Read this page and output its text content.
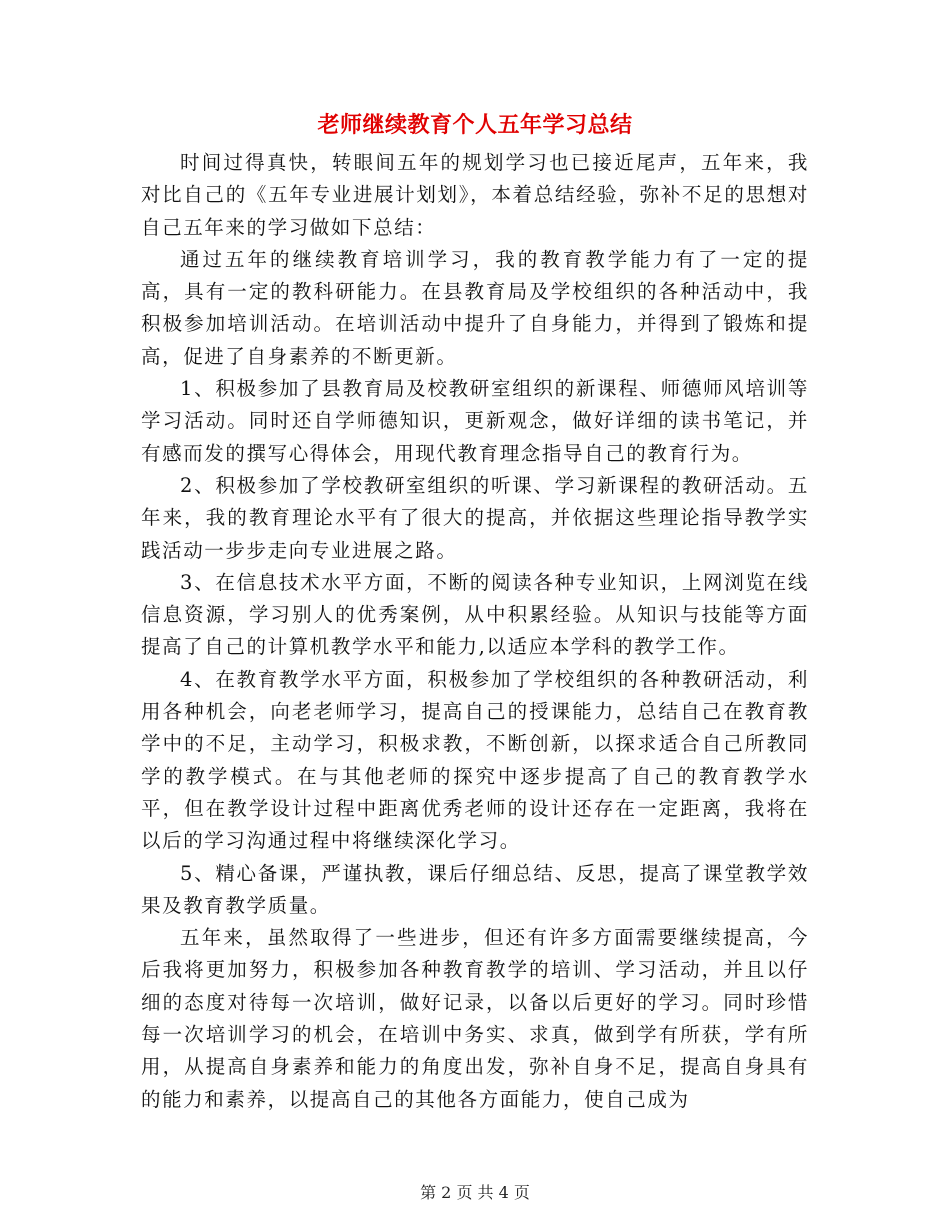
老师继续教育个人五年学习总结

时间过得真快，转眼间五年的规划学习也已接近尾声，五年来，我对比自己的《五年专业进展计划划》，本着总结经验，弥补不足的思想对自己五年来的学习做如下总结：

通过五年的继续教育培训学习，我的教育教学能力有了一定的提高，具有一定的教科研能力。在县教育局及学校组织的各种活动中，我积极参加培训活动。在培训活动中提升了自身能力，并得到了锻炼和提高，促进了自身素养的不断更新。

1、积极参加了县教育局及校教研室组织的新课程、师德师风培训等学习活动。同时还自学师德知识，更新观念，做好详细的读书笔记，并有感而发的撰写心得体会，用现代教育理念指导自己的教育行为。

2、积极参加了学校教研室组织的听课、学习新课程的教研活动。五年来，我的教育理论水平有了很大的提高，并依据这些理论指导教学实践活动一步步走向专业进展之路。

3、在信息技术水平方面，不断的阅读各种专业知识，上网浏览在线信息资源，学习别人的优秀案例，从中积累经验。从知识与技能等方面提高了自己的计算机教学水平和能力,以适应本学科的教学工作。

4、在教育教学水平方面，积极参加了学校组织的各种教研活动，利用各种机会，向老老师学习，提高自己的授课能力，总结自己在教育教学中的不足，主动学习，积极求教，不断创新，以探求适合自己所教同学的教学模式。在与其他老师的探究中逐步提高了自己的教育教学水平，但在教学设计过程中距离优秀老师的设计还存在一定距离，我将在以后的学习沟通过程中将继续深化学习。

5、精心备课，严谨执教，课后仔细总结、反思，提高了课堂教学效果及教育教学质量。

五年来，虽然取得了一些进步，但还有许多方面需要继续提高，今后我将更加努力，积极参加各种教育教学的培训、学习活动，并且以仔细的态度对待每一次培训，做好记录，以备以后更好的学习。同时珍惜每一次培训学习的机会，在培训中务实、求真，做到学有所获，学有所用，从提高自身素养和能力的角度出发，弥补自身不足，提高自身具有的能力和素养，以提高自己的其他各方面能力，使自己成为

第 2 页 共 4 页
